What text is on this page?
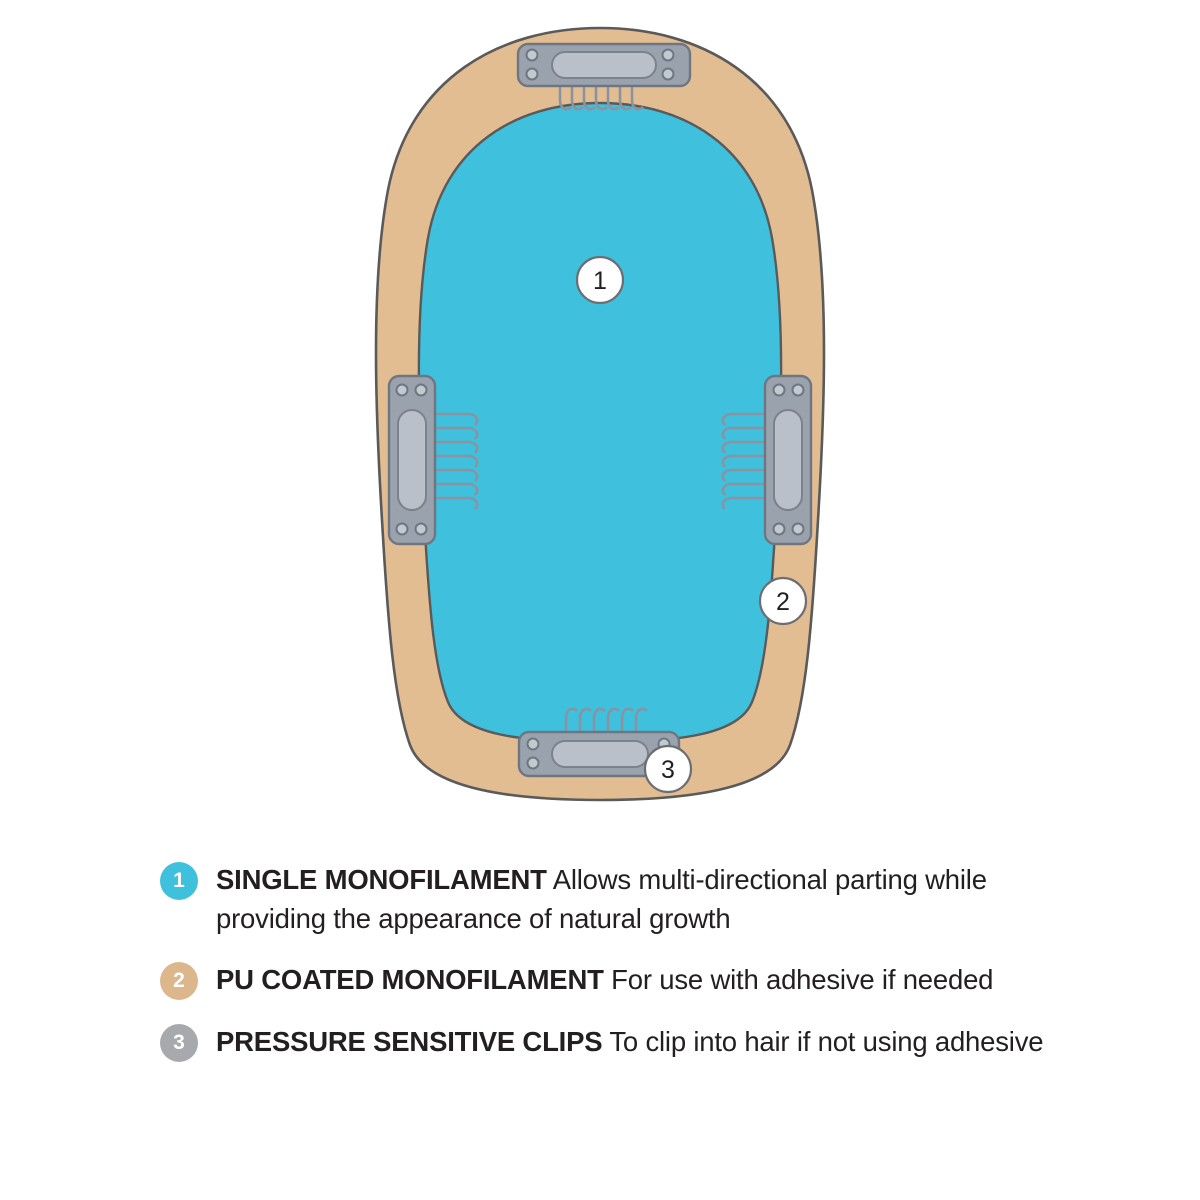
1
2
3
1	SINGLE MONOFILAMENT Allows multi-directional parting while providing the appearance of natural growth
2	PU COATED MONOFILAMENT For use with adhesive if needed
3	PRESSURE SENSITIVE CLIPS To clip into hair if not using adhesive
